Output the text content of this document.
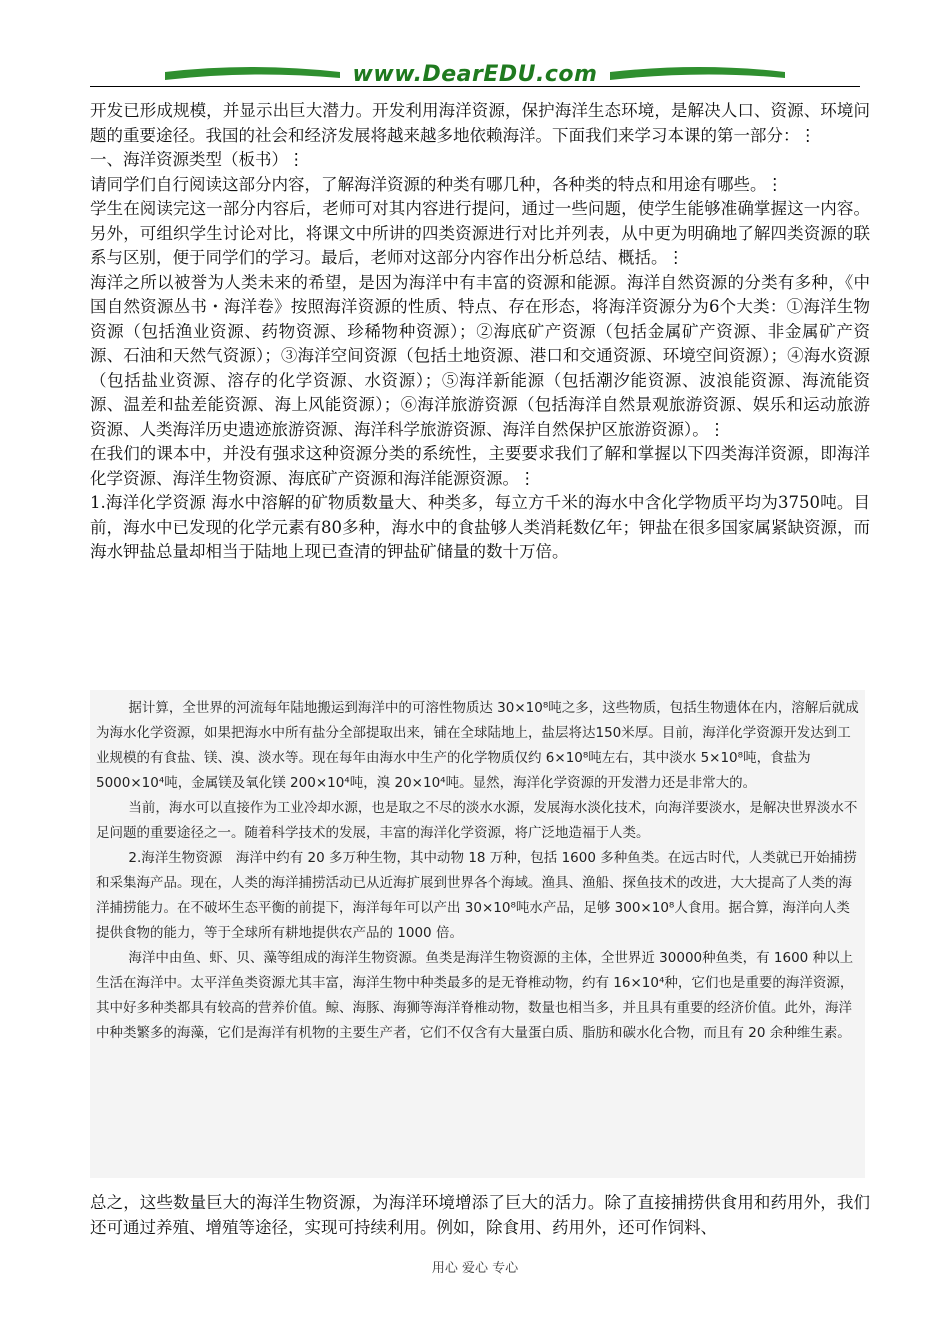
www.DearEDU.com

开发已形成规模，并显示出巨大潜力。开发利用海洋资源，保护海洋生态环境，是解决人口、资源、环境问题的重要途径。我国的社会和经济发展将越来越多地依赖海洋。下面我们来学习本课的第一部分：⋮

一、海洋资源类型（板书）⋮

请同学们自行阅读这部分内容，了解海洋资源的种类有哪几种，各种类的特点和用途有哪些。⋮

学生在阅读完这一部分内容后，老师可对其内容进行提问，通过一些问题，使学生能够准确掌握这一内容。另外，可组织学生讨论对比，将课文中所讲的四类资源进行对比并列表，从中更为明确地了解四类资源的联系与区别，便于同学们的学习。最后，老师对这部分内容作出分析总结、概括。⋮

海洋之所以被誉为人类未来的希望，是因为海洋中有丰富的资源和能源。海洋自然资源的分类有多种，《中国自然资源丛书・海洋卷》按照海洋资源的性质、特点、存在形态，将海洋资源分为6个大类：①海洋生物资源（包括渔业资源、药物资源、珍稀物种资源）；②海底矿产资源（包括金属矿产资源、非金属矿产资源、石油和天然气资源）；③海洋空间资源（包括土地资源、港口和交通资源、环境空间资源）；④海水资源（包括盐业资源、溶存的化学资源、水资源）；⑤海洋新能源（包括潮汐能资源、波浪能资源、海流能资源、温差和盐差能资源、海上风能资源）；⑥海洋旅游资源（包括海洋自然景观旅游资源、娱乐和运动旅游资源、人类海洋历史遗迹旅游资源、海洋科学旅游资源、海洋自然保护区旅游资源）。⋮

在我们的课本中，并没有强求这种资源分类的系统性，主要要求我们了解和掌握以下四类海洋资源，即海洋化学资源、海洋生物资源、海底矿产资源和海洋能源资源。⋮

1.海洋化学资源 海水中溶解的矿物质数量大、种类多，每立方千米的海水中含化学物质平均为3750吨。目前，海水中已发现的化学元素有80多种，海水中的食盐够人类消耗数亿年；钾盐在很多国家属紧缺资源，而海水钾盐总量却相当于陆地上现已查清的钾盐矿储量的数十万倍。

据计算，全世界的河流每年陆地搬运到海洋中的可溶性物质达 30×10⁸吨之多，这些物质，包括生物遗体在内，溶解后就成为海水化学资源，如果把海水中所有盐分全部提取出来，铺在全球陆地上，盐层将达150米厚。目前，海洋化学资源开发达到工业规模的有食盐、镁、溴、淡水等。现在每年由海水中生产的化学物质仅约 6×10⁸吨左右，其中淡水 5×10⁸吨，食盐为 5000×10⁴吨，金属镁及氧化镁 200×10⁴吨，溴 20×10⁴吨。显然，海洋化学资源的开发潜力还是非常大的。

当前，海水可以直接作为工业冷却水源，也是取之不尽的淡水水源，发展海水淡化技术，向海洋要淡水，是解决世界淡水不足问题的重要途径之一。随着科学技术的发展，丰富的海洋化学资源，将广泛地造福于人类。

2.海洋生物资源　海洋中约有 20 多万种生物，其中动物 18 万种，包括 1600 多种鱼类。在远古时代，人类就已开始捕捞和采集海产品。现在，人类的海洋捕捞活动已从近海扩展到世界各个海域。渔具、渔船、探鱼技术的改进，大大提高了人类的海洋捕捞能力。在不破坏生态平衡的前提下，海洋每年可以产出 30×10⁸吨水产品，足够 300×10⁸人食用。据合算，海洋向人类提供食物的能力，等于全球所有耕地提供农产品的 1000 倍。

海洋中由鱼、虾、贝、藻等组成的海洋生物资源。鱼类是海洋生物资源的主体，全世界近 30000种鱼类，有 1600 种以上生活在海洋中。太平洋鱼类资源尤其丰富，海洋生物中种类最多的是无脊椎动物，约有 16×10⁴种，它们也是重要的海洋资源，其中好多种类都具有较高的营养价值。鲸、海豚、海狮等海洋脊椎动物，数量也相当多，并且具有重要的经济价值。此外，海洋中种类繁多的海藻，它们是海洋有机物的主要生产者，它们不仅含有大量蛋白质、脂肪和碳水化合物，而且有 20 余种维生素。

总之，这些数量巨大的海洋生物资源，为海洋环境增添了巨大的活力。除了直接捕捞供食用和药用外，我们还可通过养殖、增殖等途径，实现可持续利用。例如，除食用、药用外，还可作饲料、

用心 爱心 专心
